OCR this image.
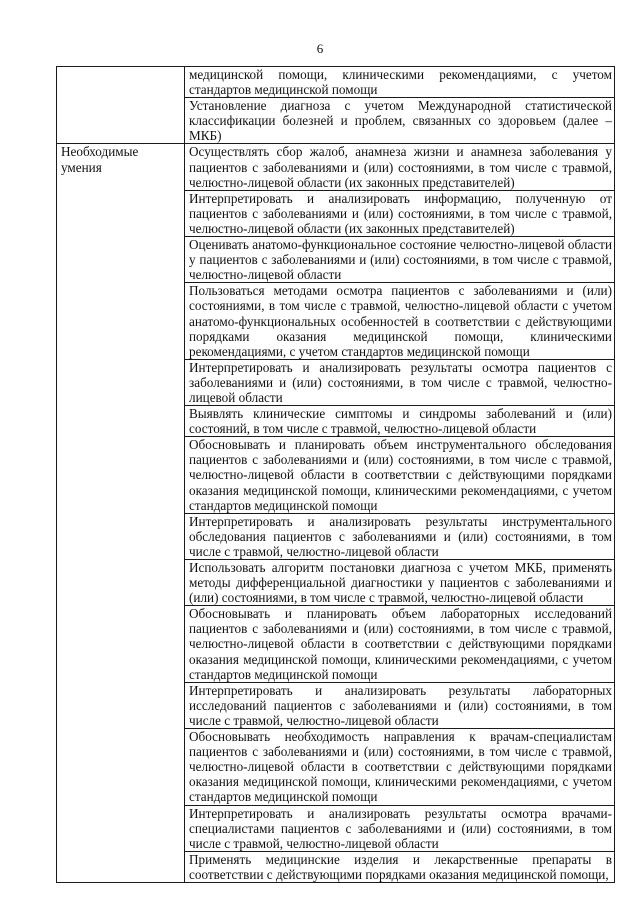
6
	медицинской помощи, клиническими рекомендациями, с учетом стандартов медицинской помощи
	Установление диагноза с учетом Международной статистической классификации болезней и проблем, связанных со здоровьем (далее – МКБ)
Необходимые умения	Осуществлять сбор жалоб, анамнеза жизни и анамнеза заболевания у пациентов с заболеваниями и (или) состояниями, в том числе с травмой, челюстно-лицевой области (их законных представителей)
	Интерпретировать и анализировать информацию, полученную от пациентов с заболеваниями и (или) состояниями, в том числе с травмой, челюстно-лицевой области (их законных представителей)
	Оценивать анатомо-функциональное состояние челюстно-лицевой области у пациентов с заболеваниями и (или) состояниями, в том числе с травмой, челюстно-лицевой области
	Пользоваться методами осмотра пациентов с заболеваниями и (или) состояниями, в том числе с травмой, челюстно-лицевой области с учетом анатомо-функциональных особенностей в соответствии с действующими порядками оказания медицинской помощи, клиническими рекомендациями, с учетом стандартов медицинской помощи
	Интерпретировать и анализировать результаты осмотра пациентов с заболеваниями и (или) состояниями, в том числе с травмой, челюстно-лицевой области
	Выявлять клинические симптомы и синдромы заболеваний и (или) состояний, в том числе с травмой, челюстно-лицевой области
	Обосновывать и планировать объем инструментального обследования пациентов с заболеваниями и (или) состояниями, в том числе с травмой, челюстно-лицевой области в соответствии с действующими порядками оказания медицинской помощи, клиническими рекомендациями, с учетом стандартов медицинской помощи
	Интерпретировать и анализировать результаты инструментального обследования пациентов с заболеваниями и (или) состояниями, в том числе с травмой, челюстно-лицевой области
	Использовать алгоритм постановки диагноза с учетом МКБ, применять методы дифференциальной диагностики у пациентов с заболеваниями и (или) состояниями, в том числе с травмой, челюстно-лицевой области
	Обосновывать и планировать объем лабораторных исследований пациентов с заболеваниями и (или) состояниями, в том числе с травмой, челюстно-лицевой области в соответствии с действующими порядками оказания медицинской помощи, клиническими рекомендациями, с учетом стандартов медицинской помощи
	Интерпретировать и анализировать результаты лабораторных исследований пациентов с заболеваниями и (или) состояниями, в том числе с травмой, челюстно-лицевой области
	Обосновывать необходимость направления к врачам-специалистам пациентов с заболеваниями и (или) состояниями, в том числе с травмой, челюстно-лицевой области в соответствии с действующими порядками оказания медицинской помощи, клиническими рекомендациями, с учетом стандартов медицинской помощи
	Интерпретировать и анализировать результаты осмотра врачами-специалистами пациентов с заболеваниями и (или) состояниями, в том числе с травмой, челюстно-лицевой области
	Применять медицинские изделия и лекарственные препараты в соответствии с действующими порядками оказания медицинской помощи,
